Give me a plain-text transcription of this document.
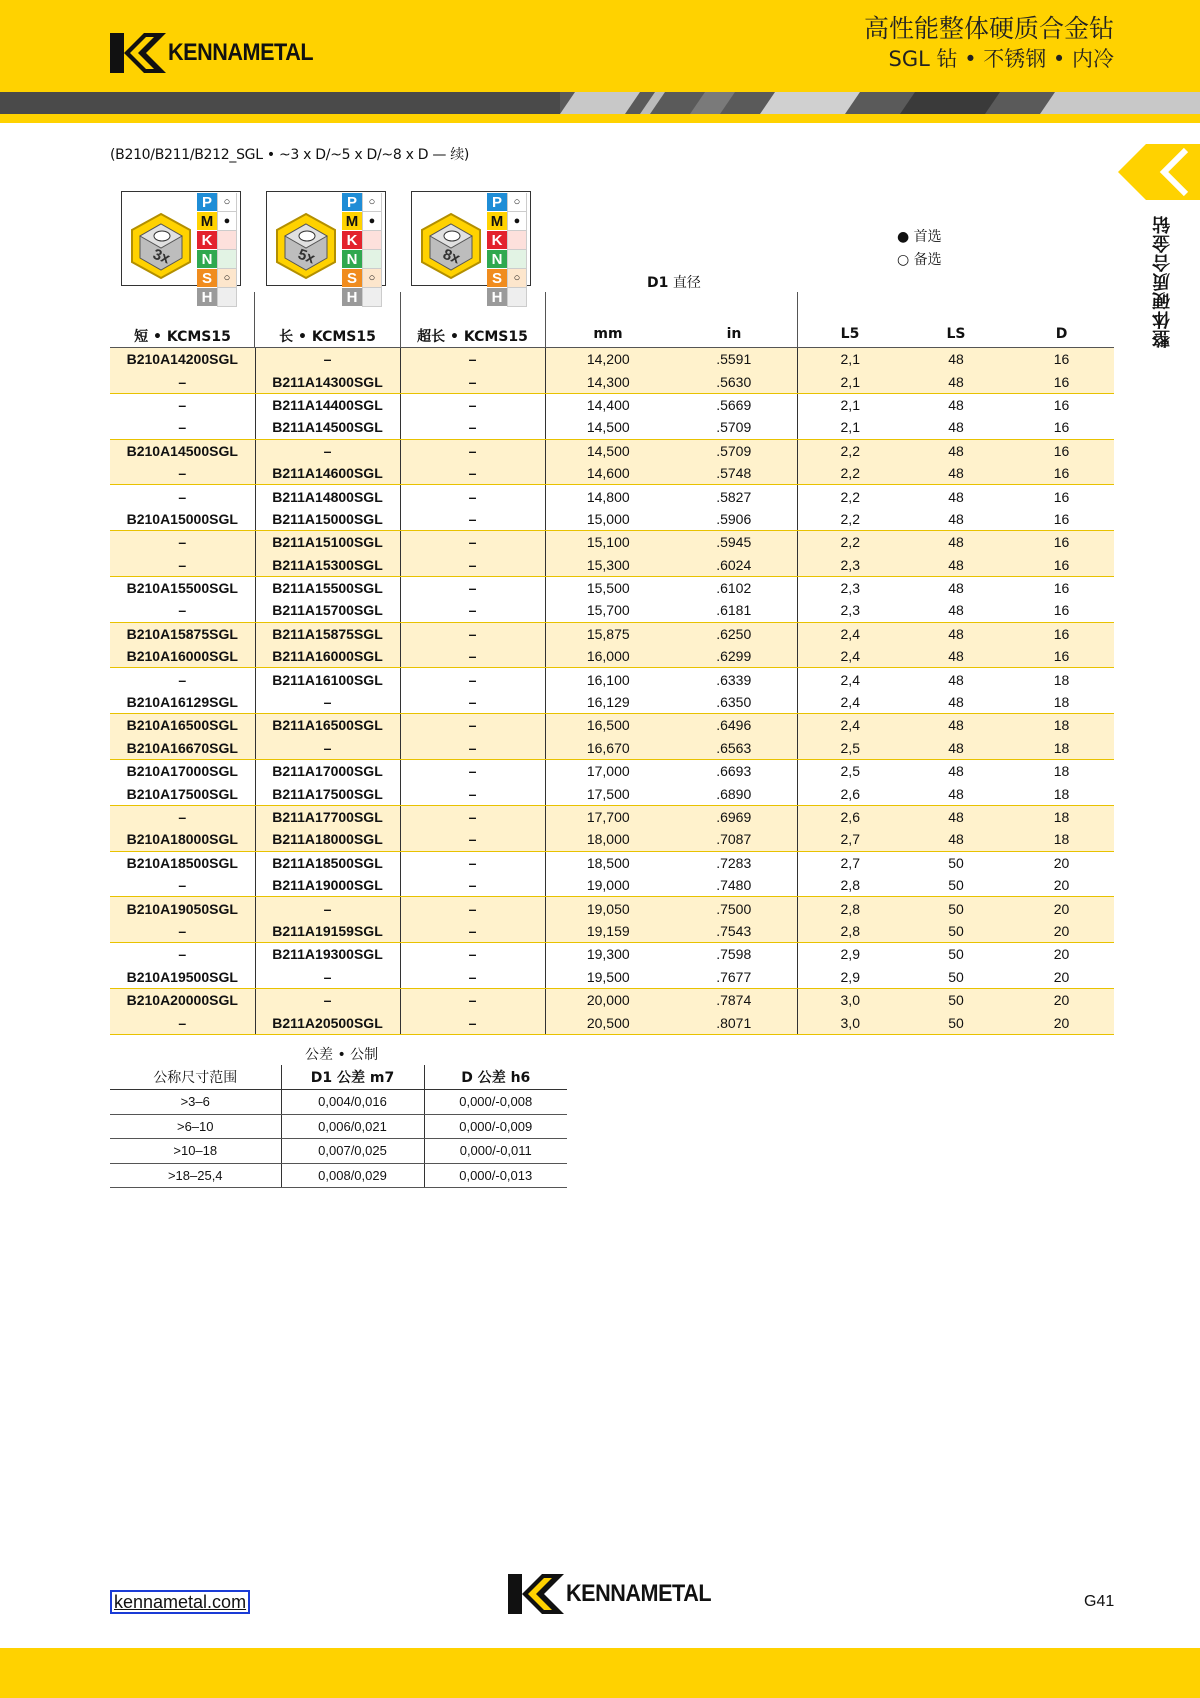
KENNAMETAL
高性能整体硬质合金钻
SGL 钻 • 不锈钢 • 内冷
整体硬质合金钻
(B210/B211/B212_SGL • ~3 x D/~5 x D/~8 x D — 续)
3x
P	○
M ●
K
N
S	○
H
5x
P	○
M ●
K
N
S	○
H
8x
P	○
M ●
K
N
S	○
H
● 首选
○ 备选
D1 直径
短 • KCMS15	长 • KCMS15	超长 • KCMS15	mm	in	L5	LS	D
B210A14200SGL	–	–	14,200	.5591	2,1	48	16
–	B211A14300SGL	–	14,300	.5630	2,1	48	16
–	B211A14400SGL	–	14,400	.5669	2,1	48	16
–	B211A14500SGL	–	14,500	.5709	2,1	48	16
B210A14500SGL	–	–	14,500	.5709	2,2	48	16
–	B211A14600SGL	–	14,600	.5748	2,2	48	16
–	B211A14800SGL	–	14,800	.5827	2,2	48	16
B210A15000SGL	B211A15000SGL	–	15,000	.5906	2,2	48	16
–	B211A15100SGL	–	15,100	.5945	2,2	48	16
–	B211A15300SGL	–	15,300	.6024	2,3	48	16
B210A15500SGL	B211A15500SGL	–	15,500	.6102	2,3	48	16
–	B211A15700SGL	–	15,700	.6181	2,3	48	16
B210A15875SGL	B211A15875SGL	–	15,875	.6250	2,4	48	16
B210A16000SGL	B211A16000SGL	–	16,000	.6299	2,4	48	16
–	B211A16100SGL	–	16,100	.6339	2,4	48	18
B210A16129SGL	–	–	16,129	.6350	2,4	48	18
B210A16500SGL	B211A16500SGL	–	16,500	.6496	2,4	48	18
B210A16670SGL	–	–	16,670	.6563	2,5	48	18
B210A17000SGL	B211A17000SGL	–	17,000	.6693	2,5	48	18
B210A17500SGL	B211A17500SGL	–	17,500	.6890	2,6	48	18
–	B211A17700SGL	–	17,700	.6969	2,6	48	18
B210A18000SGL	B211A18000SGL	–	18,000	.7087	2,7	48	18
B210A18500SGL	B211A18500SGL	–	18,500	.7283	2,7	50	20
–	B211A19000SGL	–	19,000	.7480	2,8	50	20
B210A19050SGL	–	–	19,050	.7500	2,8	50	20
–	B211A19159SGL	–	19,159	.7543	2,8	50	20
–	B211A19300SGL	–	19,300	.7598	2,9	50	20
B210A19500SGL	–	–	19,500	.7677	2,9	50	20
B210A20000SGL	–	–	20,000	.7874	3,0	50	20
–	B211A20500SGL	–	20,500	.8071	3,0	50	20
公差 • 公制
公称尺寸范围	D1 公差 m7	D 公差 h6
>3–6	0,004/0,016	0,000/-0,008
>6–10	0,006/0,021	0,000/-0,009
>10–18	0,007/0,025	0,000/-0,011
>18–25,4	0,008/0,029	0,000/-0,013
kennametal.com	KENNAMETAL	G41
